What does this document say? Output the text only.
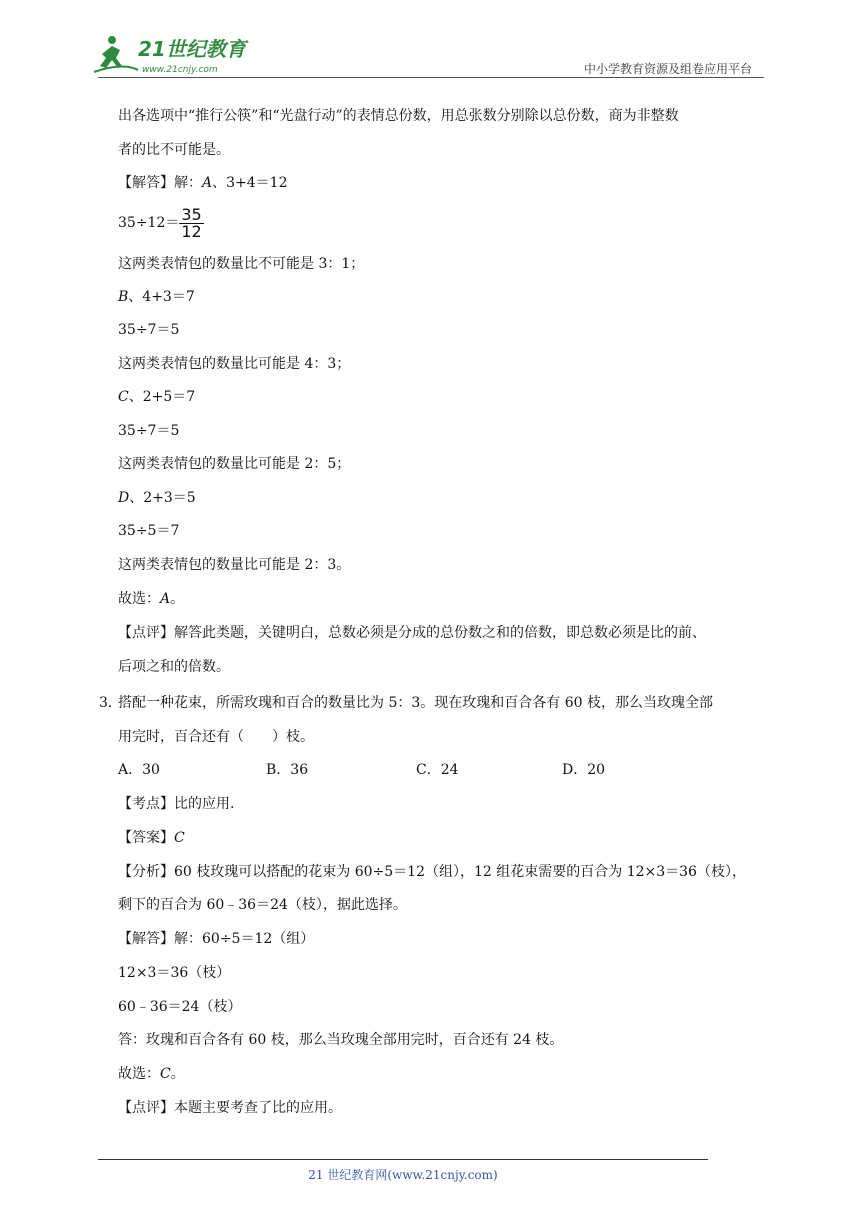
21世纪教育
www.21cnjy.com	中小学教育资源及组卷应用平台
出各选项中“推行公筷”和“光盘行动”的表情总份数，用总张数分别除以总份数，商为非整数
者的比不可能是。
【解答】解：A、3+4＝12
$35\div 12= \frac{35}{12}$
这两类表情包的数量比不可能是 3：1；
B、4+3＝7
35÷7＝5
这两类表情包的数量比可能是 4：3；
C、2+5＝7
35÷7＝5
这两类表情包的数量比可能是 2：5；
D、2+3＝5
35÷5＝7
这两类表情包的数量比可能是 2：3。
故选：A。
【点评】解答此类题，关键明白，总数必须是分成的总份数之和的倍数，即总数必须是比的前、
后项之和的倍数。
3．
搭配一种花束，所需玫瑰和百合的数量比为 5：3。现在玫瑰和百合各有 60 枝，那么当玫瑰全部
用完时，百合还有（　　）枝。
A．30	B．36	C．24	D．20
【考点】比的应用.
【答案】C
【分析】60 枝玫瑰可以搭配的花束为 60÷5＝12（组），12 组花束需要的百合为 12×3＝36（枝），
剩下的百合为 60﹣36＝24（枝），据此选择。
【解答】解：60÷5＝12（组）
12×3＝36（枝）
60﹣36＝24（枝）
答：玫瑰和百合各有 60 枝，那么当玫瑰全部用完时，百合还有 24 枝。
故选：C。
【点评】本题主要考查了比的应用。
21 世纪教育网(www.21cnjy.com)
